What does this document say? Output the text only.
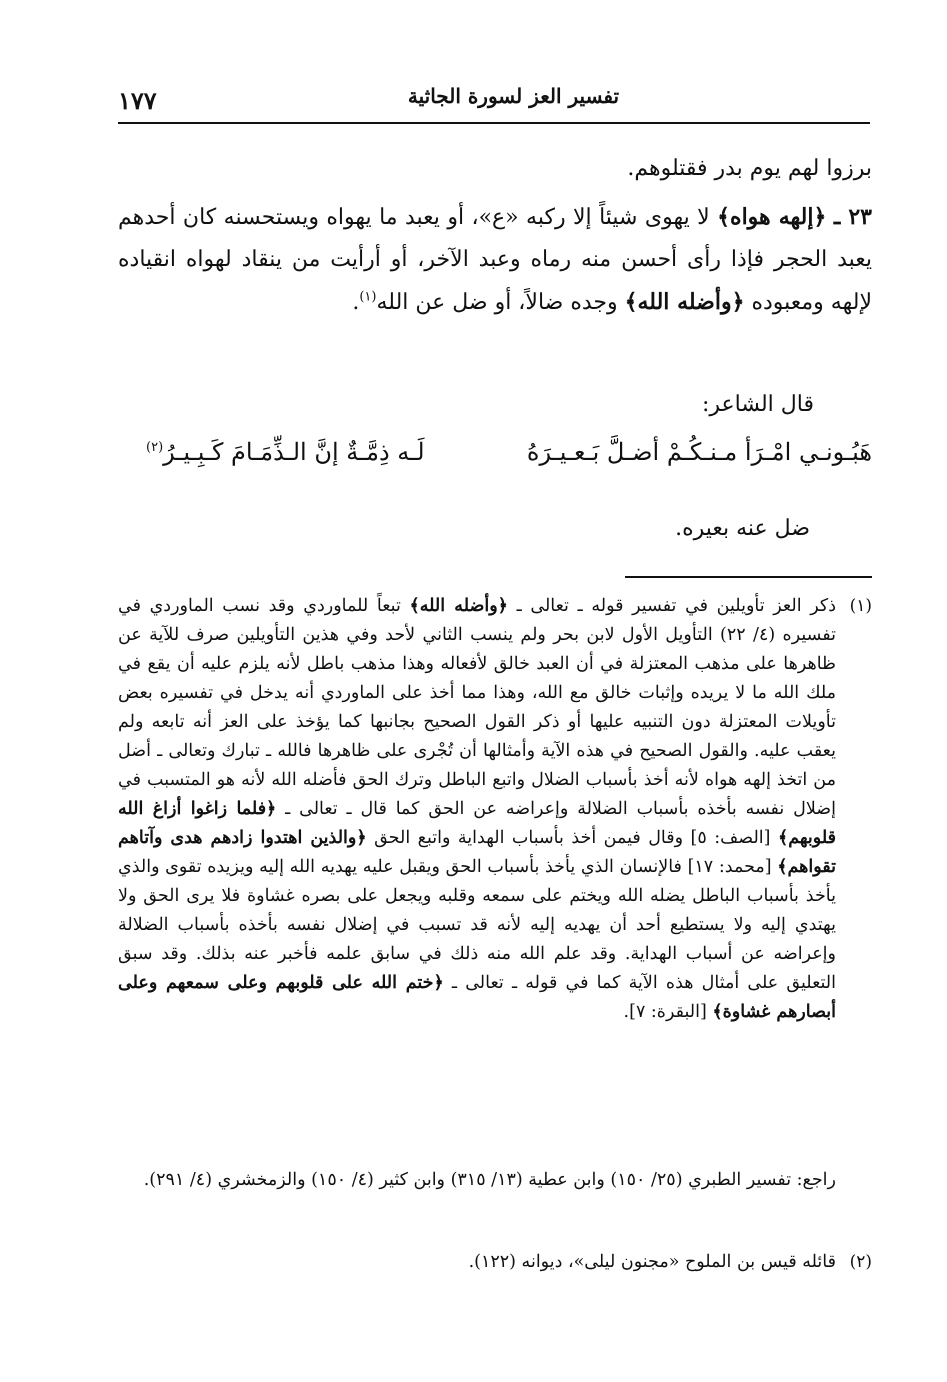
تفسير العز لسورة الجاثية
١٧٧

برزوا لهم يوم بدر فقتلوهم.

٢٣ ـ ﴿إلهه هواه﴾ لا يهوى شيئاً إلا ركبه «ع»، أو يعبد ما يهواه ويستحسنه كان أحدهم يعبد الحجر فإذا رأى أحسن منه رماه وعبد الآخر، أو أرأيت من ينقاد لهواه انقياده لإلهه ومعبوده ﴿وأضله الله﴾ وجده ضالاً، أو ضل عن الله$^{(١)}$.

قال الشاعر:

هَبُـونـي امْـرَأ مـنـكُـمْ أضـلَّ بَـعـيـرَهُ
لَـه ذِمَّـةٌ إنَّ الـذِّمَـامَ كَـبِـيـرُ$^{(٢)}$

ضل عنه بعيره.

(١)
ذكر العز تأويلين في تفسير قوله ـ تعالى ـ ﴿وأضله الله﴾ تبعاً للماوردي وقد نسب الماوردي في تفسيره (٤/ ٢٢) التأويل الأول لابن بحر ولم ينسب الثاني لأحد وفي هذين التأويلين صرف للآية عن ظاهرها على مذهب المعتزلة في أن العبد خالق لأفعاله وهذا مذهب باطل لأنه يلزم عليه أن يقع في ملك الله ما لا يريده وإثبات خالق مع الله، وهذا مما أخذ على الماوردي أنه يدخل في تفسيره بعض تأويلات المعتزلة دون التنبيه عليها أو ذكر القول الصحيح بجانبها كما يؤخذ على العز أنه تابعه ولم يعقب عليه. والقول الصحيح في هذه الآية وأمثالها أن تُجْرى على ظاهرها فالله ـ تبارك وتعالى ـ أضل من اتخذ إلهه هواه لأنه أخذ بأسباب الضلال واتبع الباطل وترك الحق فأضله الله لأنه هو المتسبب في إضلال نفسه بأخذه بأسباب الضلالة وإعراضه عن الحق كما قال ـ تعالى ـ ﴿فلما زاغوا أزاغ الله قلوبهم﴾ [الصف: ٥] وقال فيمن أخذ بأسباب الهداية واتبع الحق ﴿والذين اهتدوا زادهم هدى وآتاهم تقواهم﴾ [محمد: ١٧] فالإنسان الذي يأخذ بأسباب الحق ويقبل عليه يهديه الله إليه ويزيده تقوى والذي يأخذ بأسباب الباطل يضله الله ويختم على سمعه وقلبه ويجعل على بصره غشاوة فلا يرى الحق ولا يهتدي إليه ولا يستطيع أحد أن يهديه إليه لأنه قد تسبب في إضلال نفسه بأخذه بأسباب الضلالة وإعراضه عن أسباب الهداية. وقد علم الله منه ذلك في سابق علمه فأخبر عنه بذلك. وقد سبق التعليق على أمثال هذه الآية كما في قوله ـ تعالى ـ ﴿ختم الله على قلوبهم وعلى سمعهم وعلى أبصارهم غشاوة﴾ [البقرة: ٧].
راجع: تفسير الطبري (٢٥/ ١٥٠) وابن عطية (١٣/ ٣١٥) وابن كثير (٤/ ١٥٠) والزمخشري (٤/ ٢٩١).
(٢)
قائله قيس بن الملوح «مجنون ليلى»، ديوانه (١٢٢).
